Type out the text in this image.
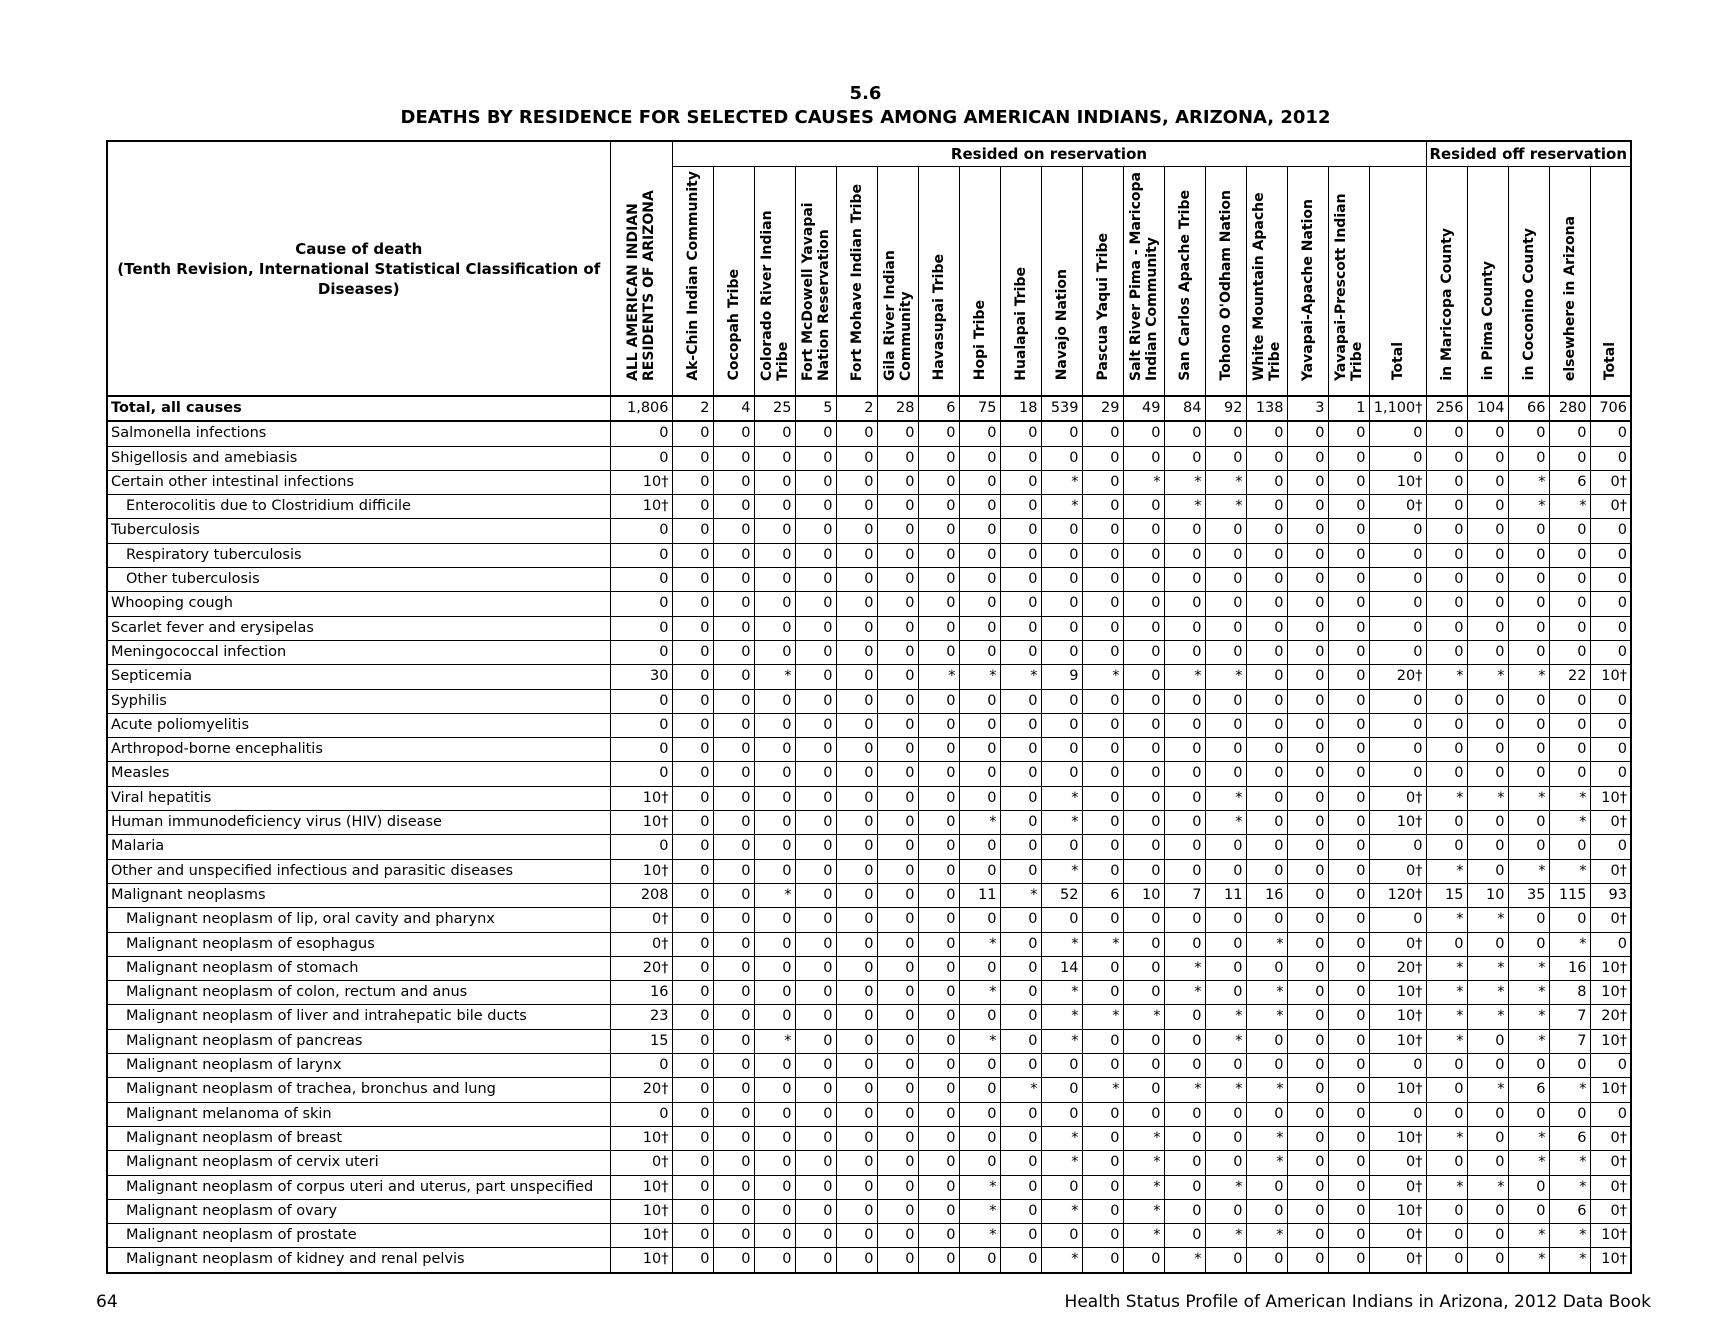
5.6
DEATHS BY RESIDENCE FOR SELECTED CAUSES AMONG AMERICAN INDIANS, ARIZONA, 2012
Cause of death
(Tenth Revision, International Statistical Classification of Diseases)	ALL AMERICAN INDIAN RESIDENTS OF ARIZONA	Resided on reservation																		Resided off reservation				
		Ak-Chin Indian Community	Cocopah Tribe	Colorado River Indian Tribe	Fort McDowell Yavapai Nation Reservation	Fort Mohave Indian Tribe	Gila River Indian Community	Havasupai Tribe	Hopi Tribe	Hualapai Tribe	Navajo Nation	Pascua Yaqui Tribe	Salt River Pima - Maricopa Indian Community	San Carlos Apache Tribe	Tohono O'Odham Nation	White Mountain Apache Tribe	Yavapai-Apache Nation	Yavapai-Prescott Indian Tribe	Total	in Maricopa County	in Pima County	in Coconino County	elsewhere in Arizona	Total
Total, all causes	1,806	2	4	25	5	2	28	6	75	18	539	29	49	84	92	138	3	1	1,100†	256	104	66	280	706
Salmonella infections	0	0	0	0	0	0	0	0	0	0	0	0	0	0	0	0	0	0	0	0	0	0	0	0
Shigellosis and amebiasis	0	0	0	0	0	0	0	0	0	0	0	0	0	0	0	0	0	0	0	0	0	0	0	0
Certain other intestinal infections	10†	0	0	0	0	0	0	0	0	0	*	0	*	*	*	0	0	0	10†	0	0	*	6	0†
Enterocolitis due to Clostridium difficile	10†	0	0	0	0	0	0	0	0	0	*	0	0	*	*	0	0	0	0†	0	0	*	*	0†
Tuberculosis	0	0	0	0	0	0	0	0	0	0	0	0	0	0	0	0	0	0	0	0	0	0	0	0
Respiratory tuberculosis	0	0	0	0	0	0	0	0	0	0	0	0	0	0	0	0	0	0	0	0	0	0	0	0
Other tuberculosis	0	0	0	0	0	0	0	0	0	0	0	0	0	0	0	0	0	0	0	0	0	0	0	0
Whooping cough	0	0	0	0	0	0	0	0	0	0	0	0	0	0	0	0	0	0	0	0	0	0	0	0
Scarlet fever and erysipelas	0	0	0	0	0	0	0	0	0	0	0	0	0	0	0	0	0	0	0	0	0	0	0	0
Meningococcal infection	0	0	0	0	0	0	0	0	0	0	0	0	0	0	0	0	0	0	0	0	0	0	0	0
Septicemia	30	0	0	*	0	0	0	*	*	*	9	*	0	*	*	0	0	0	20†	*	*	*	22	10†
Syphilis	0	0	0	0	0	0	0	0	0	0	0	0	0	0	0	0	0	0	0	0	0	0	0	0
Acute poliomyelitis	0	0	0	0	0	0	0	0	0	0	0	0	0	0	0	0	0	0	0	0	0	0	0	0
Arthropod-borne encephalitis	0	0	0	0	0	0	0	0	0	0	0	0	0	0	0	0	0	0	0	0	0	0	0	0
Measles	0	0	0	0	0	0	0	0	0	0	0	0	0	0	0	0	0	0	0	0	0	0	0	0
Viral hepatitis	10†	0	0	0	0	0	0	0	0	0	*	0	0	0	*	0	0	0	0†	*	*	*	*	10†
Human immunodeficiency virus (HIV) disease	10†	0	0	0	0	0	0	0	*	0	*	0	0	0	*	0	0	0	10†	0	0	0	*	0†
Malaria	0	0	0	0	0	0	0	0	0	0	0	0	0	0	0	0	0	0	0	0	0	0	0	0
Other and unspecified infectious and parasitic diseases	10†	0	0	0	0	0	0	0	0	0	*	0	0	0	0	0	0	0	0†	*	0	*	*	0†
Malignant neoplasms	208	0	0	*	0	0	0	0	11	*	52	6	10	7	11	16	0	0	120†	15	10	35	115	93
Malignant neoplasm of lip, oral cavity and pharynx	0†	0	0	0	0	0	0	0	0	0	0	0	0	0	0	0	0	0	0	*	*	0	0	0†
Malignant neoplasm of esophagus	0†	0	0	0	0	0	0	0	*	0	*	*	0	0	0	*	0	0	0†	0	0	0	*	0
Malignant neoplasm of stomach	20†	0	0	0	0	0	0	0	0	0	14	0	0	*	0	0	0	0	20†	*	*	*	16	10†
Malignant neoplasm of colon, rectum and anus	16	0	0	0	0	0	0	0	*	0	*	0	0	*	0	*	0	0	10†	*	*	*	8	10†
Malignant neoplasm of liver and intrahepatic bile ducts	23	0	0	0	0	0	0	0	0	0	*	*	*	0	*	*	0	0	10†	*	*	*	7	20†
Malignant neoplasm of pancreas	15	0	0	*	0	0	0	0	*	0	*	0	0	0	*	0	0	0	10†	*	0	*	7	10†
Malignant neoplasm of larynx	0	0	0	0	0	0	0	0	0	0	0	0	0	0	0	0	0	0	0	0	0	0	0	0
Malignant neoplasm of trachea, bronchus and lung	20†	0	0	0	0	0	0	0	0	*	0	*	0	*	*	*	0	0	10†	0	*	6	*	10†
Malignant melanoma of skin	0	0	0	0	0	0	0	0	0	0	0	0	0	0	0	0	0	0	0	0	0	0	0	0
Malignant neoplasm of breast	10†	0	0	0	0	0	0	0	0	0	*	0	*	0	0	*	0	0	10†	*	0	*	6	0†
Malignant neoplasm of cervix uteri	0†	0	0	0	0	0	0	0	0	0	*	0	*	0	0	*	0	0	0†	0	0	*	*	0†
Malignant neoplasm of corpus uteri and uterus, part unspecified	10†	0	0	0	0	0	0	0	*	0	0	0	*	0	*	0	0	0	0†	*	*	0	*	0†
Malignant neoplasm of ovary	10†	0	0	0	0	0	0	0	*	0	*	0	*	0	0	0	0	0	10†	0	0	0	6	0†
Malignant neoplasm of prostate	10†	0	0	0	0	0	0	0	*	0	0	0	*	0	*	*	0	0	0†	0	0	*	*	10†
Malignant neoplasm of kidney and renal pelvis	10†	0	0	0	0	0	0	0	0	0	*	0	0	*	0	0	0	0	0†	0	0	*	*	10†
64	Health Status Profile of American Indians in Arizona, 2012 Data Book
